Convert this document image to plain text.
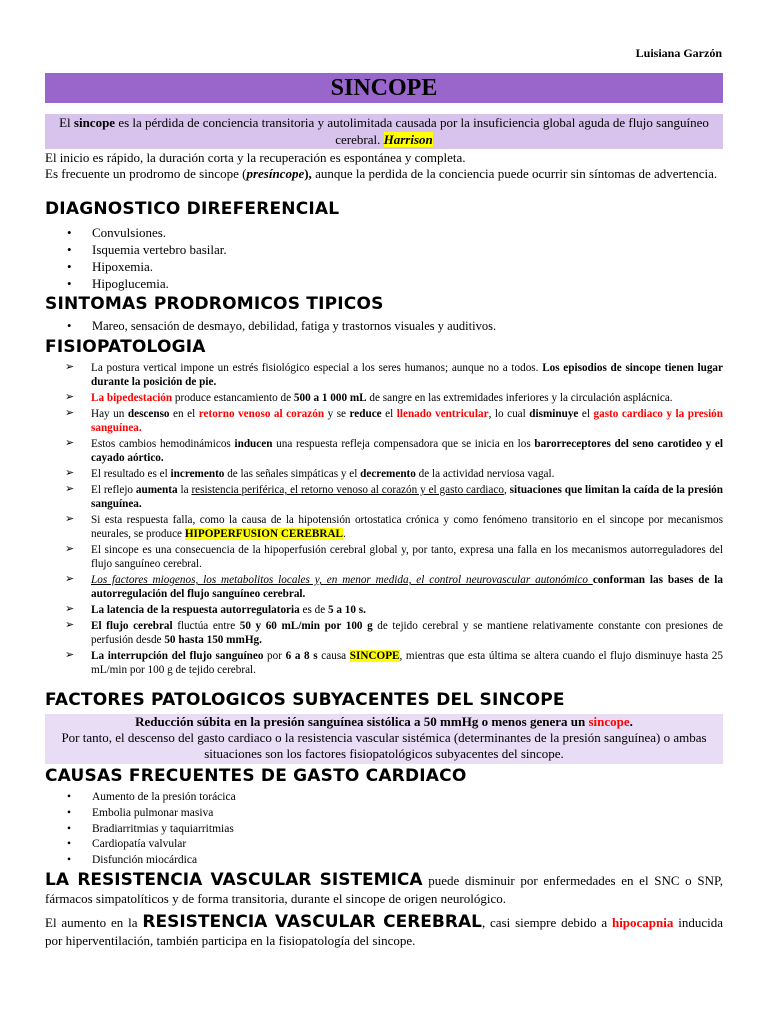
Luisiana Garzón
SINCOPE
El sincope es la pérdida de conciencia transitoria y autolimitada causada por la insuficiencia global aguda de flujo sanguíneo cerebral. Harrison
El inicio es rápido, la duración corta y la recuperación es espontánea y completa.
Es frecuente un prodromo de sincope (presíncope), aunque la perdida de la conciencia puede ocurrir sin síntomas de advertencia.
DIAGNOSTICO DIREFERENCIAL
• Convulsiones.
• Isquemia vertebro basilar.
• Hipoxemia.
• Hipoglucemia.
SINTOMAS PRODROMICOS TIPICOS
• Mareo, sensación de desmayo, debilidad, fatiga y trastornos visuales y auditivos.
FISIOPATOLOGIA
➢ La postura vertical impone un estrés fisiológico especial a los seres humanos; aunque no a todos. Los episodios de sincope tienen lugar durante la posición de pie.
➢ La bipedestación produce estancamiento de 500 a 1 000 mL de sangre en las extremidades inferiores y la circulación asplácnica.
➢ Hay un descenso en el retorno venoso al corazón y se reduce el llenado ventricular, lo cual disminuye el gasto cardiaco y la presión sanguínea.
➢ Estos cambios hemodinámicos inducen una respuesta refleja compensadora que se inicia en los barorreceptores del seno carotideo y el cayado aórtico.
➢ El resultado es el incremento de las señales simpáticas y el decremento de la actividad nerviosa vagal.
➢ El reflejo aumenta la resistencia periférica, el retorno venoso al corazón y el gasto cardiaco, situaciones que limitan la caída de la presión sanguínea.
➢ Si esta respuesta falla, como la causa de la hipotensión ortostatica crónica y como fenómeno transitorio en el sincope por mecanismos neurales, se produce HIPOPERFUSION CEREBRAL.
➢ El sincope es una consecuencia de la hipoperfusión cerebral global y, por tanto, expresa una falla en los mecanismos autorreguladores del flujo sanguíneo cerebral.
➢ Los factores miogenos, los metabolitos locales y, en menor medida, el control neurovascular autonómico conforman las bases de la autorregulación del flujo sanguíneo cerebral.
➢ La latencia de la respuesta autorregulatoria es de 5 a 10 s.
➢ El flujo cerebral fluctúa entre 50 y 60 mL/min por 100 g de tejido cerebral y se mantiene relativamente constante con presiones de perfusión desde 50 hasta 150 mmHg.
➢ La interrupción del flujo sanguíneo por 6 a 8 s causa SINCOPE, mientras que esta última se altera cuando el flujo disminuye hasta 25 mL/min por 100 g de tejido cerebral.
FACTORES PATOLOGICOS SUBYACENTES DEL SINCOPE
Reducción súbita en la presión sanguínea sistólica a 50 mmHg o menos genera un sincope.
Por tanto, el descenso del gasto cardiaco o la resistencia vascular sistémica (determinantes de la presión sanguínea) o ambas situaciones son los factores fisiopatológicos subyacentes del sincope.
CAUSAS FRECUENTES DE GASTO CARDIACO
• Aumento de la presión torácica
• Embolia pulmonar masiva
• Bradiarritmias y taquiarritmias
• Cardiopatía valvular
• Disfunción miocárdica
LA RESISTENCIA VASCULAR SISTEMICA puede disminuir por enfermedades en el SNC o SNP, fármacos simpatolíticos y de forma transitoria, durante el sincope de origen neurológico.
El aumento en la RESISTENCIA VASCULAR CEREBRAL, casi siempre debido a hipocapnia inducida por hiperventilación, también participa en la fisiopatología del sincope.
